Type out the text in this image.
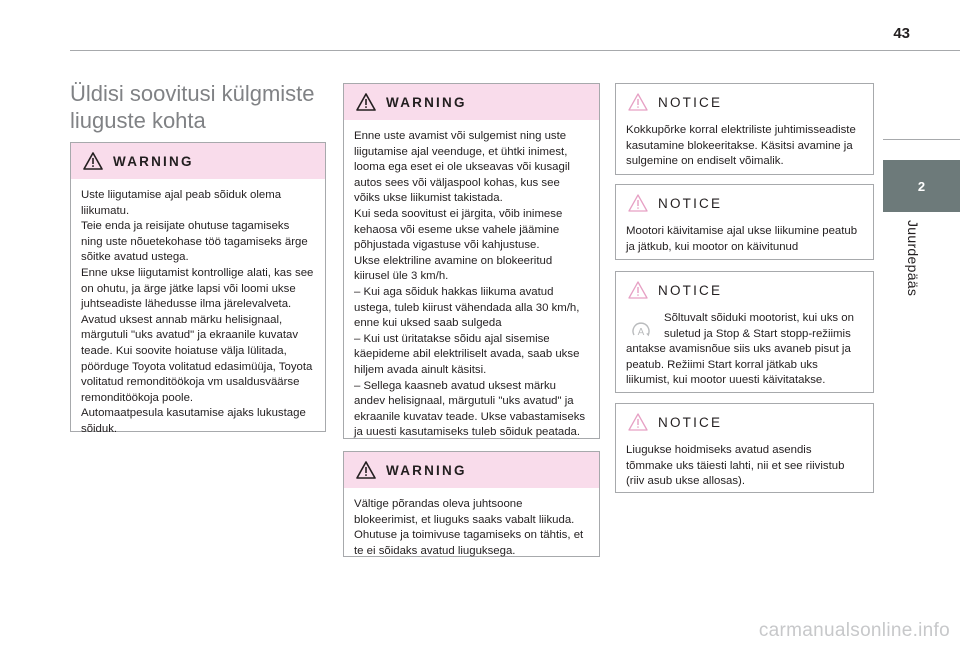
43
2
Juurdepääs
Üldisi soovitusi külgmiste liuguste kohta
WARNING
Uste liigutamise ajal peab sõiduk olema
liikumatu.
Teie enda ja reisijate ohutuse tagamiseks
ning uste nõuetekohase töö tagamiseks ärge
sõitke avatud ustega.
Enne ukse liigutamist kontrollige alati, kas see
on ohutu, ja ärge jätke lapsi või loomi ukse
juhtseadiste lähedusse ilma järelevalveta.
Avatud uksest annab märku helisignaal,
märgutuli "uks avatud" ja ekraanile kuvatav
teade. Kui soovite hoiatuse välja lülitada,
pöörduge Toyota volitatud edasimüüja, Toyota
volitatud remonditöökoja vm usaldusväärse
remonditöökoja poole.
Automaatpesula kasutamise ajaks lukustage
sõiduk.
WARNING
Enne uste avamist või sulgemist ning uste
liigutamise ajal veenduge, et ühtki inimest,
looma ega eset ei ole ukseavas või kusagil
autos sees või väljaspool kohas, kus see
võiks ukse liikumist takistada.
Kui seda soovitust ei järgita, võib inimese
kehaosa või eseme ukse vahele jäämine
põhjustada vigastuse või kahjustuse.
Ukse elektriline avamine on blokeeritud
kiirusel üle 3 km/h.
– Kui aga sõiduk hakkas liikuma avatud
ustega, tuleb kiirust vähendada alla 30 km/h,
enne kui uksed saab sulgeda
– Kui ust üritatakse sõidu ajal sisemise
käepideme abil elektriliselt avada, saab ukse
hiljem avada ainult käsitsi.
– Sellega kaasneb avatud uksest märku
andev helisignaal, märgutuli "uks avatud" ja
ekraanile kuvatav teade. Ukse vabastamiseks
ja uuesti kasutamiseks tuleb sõiduk peatada.
WARNING
Vältige põrandas oleva juhtsoone
blokeerimist, et liuguks saaks vabalt liikuda.
Ohutuse ja toimivuse tagamiseks on tähtis, et
te ei sõidaks avatud liuguksega.
NOTICE
Kokkupõrke korral elektriliste juhtimisseadiste
kasutamine blokeeritakse. Käsitsi avamine ja
sulgemine on endiselt võimalik.
NOTICE
Mootori käivitamise ajal ukse liikumine peatub
ja jätkub, kui mootor on käivitunud
NOTICE
A
Sõltuvalt sõiduki mootorist, kui uks on
suletud ja Stop & Start stopp-režiimis
antakse avamisnõue siis uks avaneb pisut ja
peatub. Režiimi Start korral jätkab uks
liikumist, kui mootor uuesti käivitatakse.
NOTICE
Liugukse hoidmiseks avatud asendis
tõmmake uks täiesti lahti, nii et see riivistub
(riiv asub ukse allosas).
carmanualsonline.info
